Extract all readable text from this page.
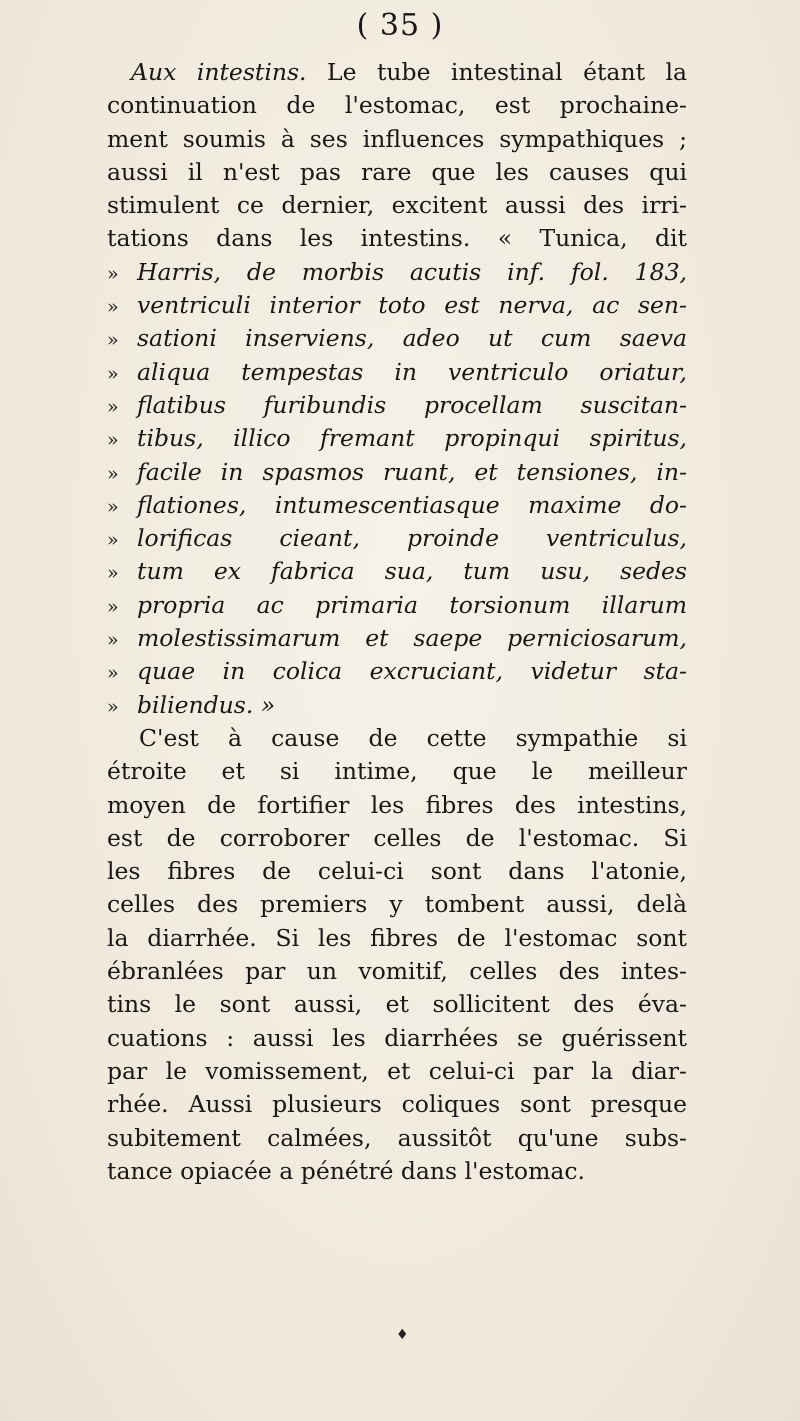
( 35 )
Aux intestins. Le tube intestinal étant la
continuation de l'estomac, est prochaine-
ment soumis à ses influences sympathiques ;
aussi il n'est pas rare que les causes qui
stimulent ce dernier, excitent aussi des irri-
tations dans les intestins. « Tunica, dit
» Harris, de morbis acutis inf. fol. 183,
» ventriculi interior toto est nerva, ac sen-
» sationi inserviens, adeo ut cum saeva
» aliqua tempestas in ventriculo oriatur,
» flatibus furibundis procellam suscitan-
» tibus, illico fremant propinqui spiritus,
» facile in spasmos ruant, et tensiones, in-
» flationes, intumescentiasque maxime do-
» lorificas cieant, proinde ventriculus,
» tum ex fabrica sua, tum usu, sedes
» propria ac primaria torsionum illarum
» molestissimarum et saepe perniciosarum,
» quae in colica excruciant, videtur sta-
» biliendus. »
C'est à cause de cette sympathie si
étroite et si intime, que le meilleur
moyen de fortifier les fibres des intestins,
est de corroborer celles de l'estomac. Si
les fibres de celui-ci sont dans l'atonie,
celles des premiers y tombent aussi, delà
la diarrhée. Si les fibres de l'estomac sont
ébranlées par un vomitif, celles des intes-
tins le sont aussi, et sollicitent des éva-
cuations : aussi les diarrhées se guérissent
par le vomissement, et celui-ci par la diar-
rhée. Aussi plusieurs coliques sont presque
subitement calmées, aussitôt qu'une subs-
tance opiacée a pénétré dans l'estomac.
♦
